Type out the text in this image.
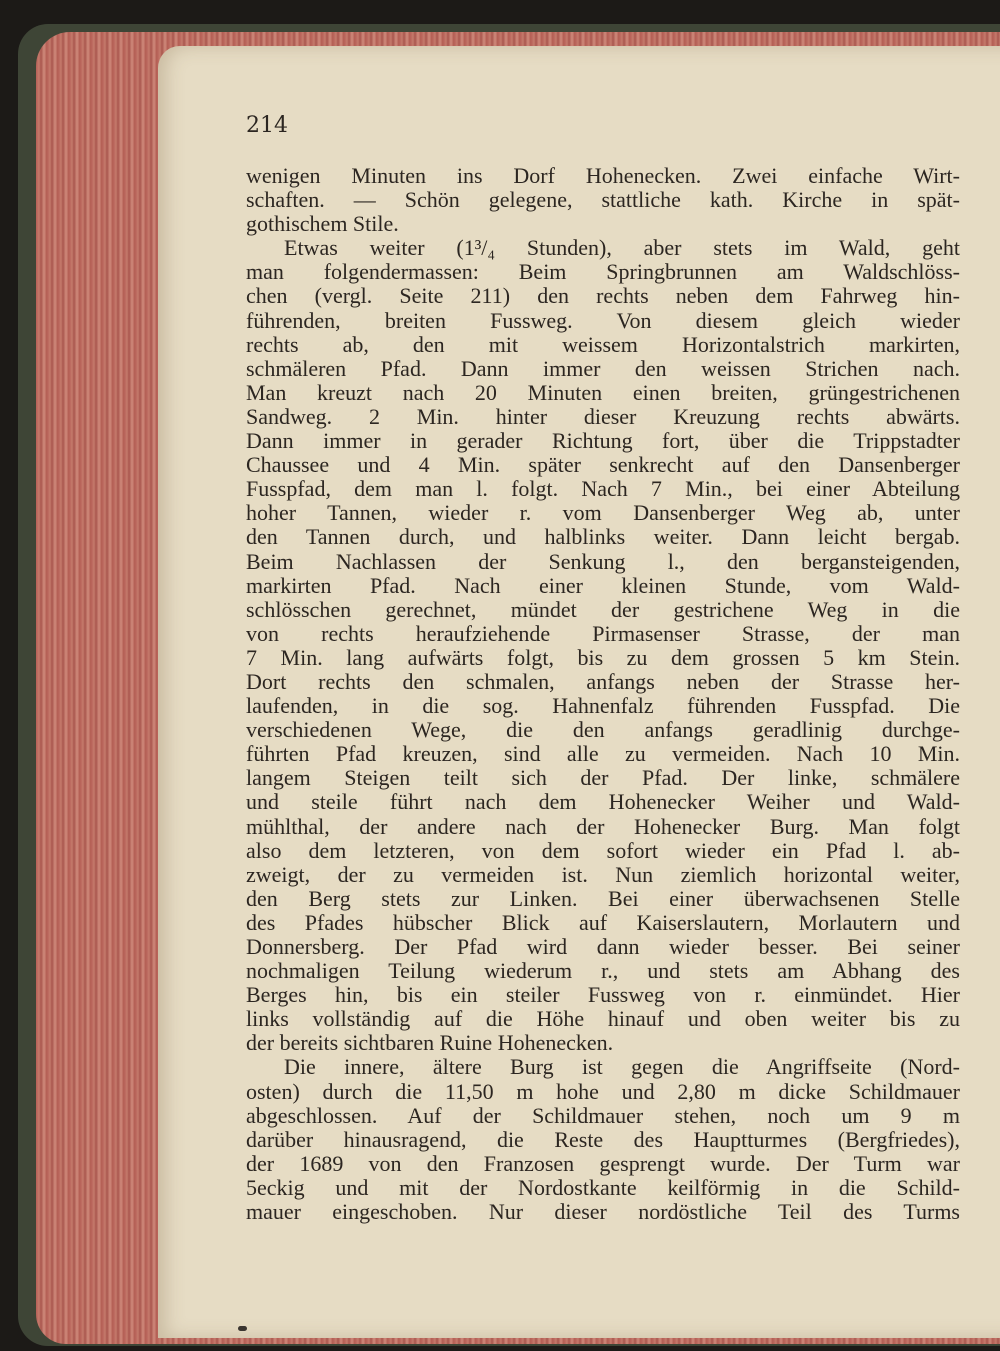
214
wenigen Minuten ins Dorf Hohenecken. Zwei einfache Wirt-
schaften. — Schön gelegene, stattliche kath. Kirche in spät-
gothischem Stile.
Etwas weiter (1³/₄ Stunden), aber stets im Wald, geht
man folgendermassen: Beim Springbrunnen am Waldschlöss-
chen (vergl. Seite 211) den rechts neben dem Fahrweg hin-
führenden, breiten Fussweg. Von diesem gleich wieder
rechts ab, den mit weissem Horizontalstrich markirten,
schmäleren Pfad. Dann immer den weissen Strichen nach.
Man kreuzt nach 20 Minuten einen breiten, grüngestrichenen
Sandweg. 2 Min. hinter dieser Kreuzung rechts abwärts.
Dann immer in gerader Richtung fort, über die Trippstadter
Chaussee und 4 Min. später senkrecht auf den Dansenberger
Fusspfad, dem man l. folgt. Nach 7 Min., bei einer Abteilung
hoher Tannen, wieder r. vom Dansenberger Weg ab, unter
den Tannen durch, und halblinks weiter. Dann leicht bergab.
Beim Nachlassen der Senkung l., den bergansteigenden,
markirten Pfad. Nach einer kleinen Stunde, vom Wald-
schlösschen gerechnet, mündet der gestrichene Weg in die
von rechts heraufziehende Pirmasenser Strasse, der man
7 Min. lang aufwärts folgt, bis zu dem grossen 5 km Stein.
Dort rechts den schmalen, anfangs neben der Strasse her-
laufenden, in die sog. Hahnenfalz führenden Fusspfad. Die
verschiedenen Wege, die den anfangs geradlinig durchge-
führten Pfad kreuzen, sind alle zu vermeiden. Nach 10 Min.
langem Steigen teilt sich der Pfad. Der linke, schmälere
und steile führt nach dem Hohenecker Weiher und Wald-
mühlthal, der andere nach der Hohenecker Burg. Man folgt
also dem letzteren, von dem sofort wieder ein Pfad l. ab-
zweigt, der zu vermeiden ist. Nun ziemlich horizontal weiter,
den Berg stets zur Linken. Bei einer überwachsenen Stelle
des Pfades hübscher Blick auf Kaiserslautern, Morlautern und
Donnersberg. Der Pfad wird dann wieder besser. Bei seiner
nochmaligen Teilung wiederum r., und stets am Abhang des
Berges hin, bis ein steiler Fussweg von r. einmündet. Hier
links vollständig auf die Höhe hinauf und oben weiter bis zu
der bereits sichtbaren Ruine Hohenecken.
Die innere, ältere Burg ist gegen die Angriffseite (Nord-
osten) durch die 11,50 m hohe und 2,80 m dicke Schildmauer
abgeschlossen. Auf der Schildmauer stehen, noch um 9 m
darüber hinausragend, die Reste des Hauptturmes (Bergfriedes),
der 1689 von den Franzosen gesprengt wurde. Der Turm war
5eckig und mit der Nordostkante keilförmig in die Schild-
mauer eingeschoben. Nur dieser nordöstliche Teil des Turms
